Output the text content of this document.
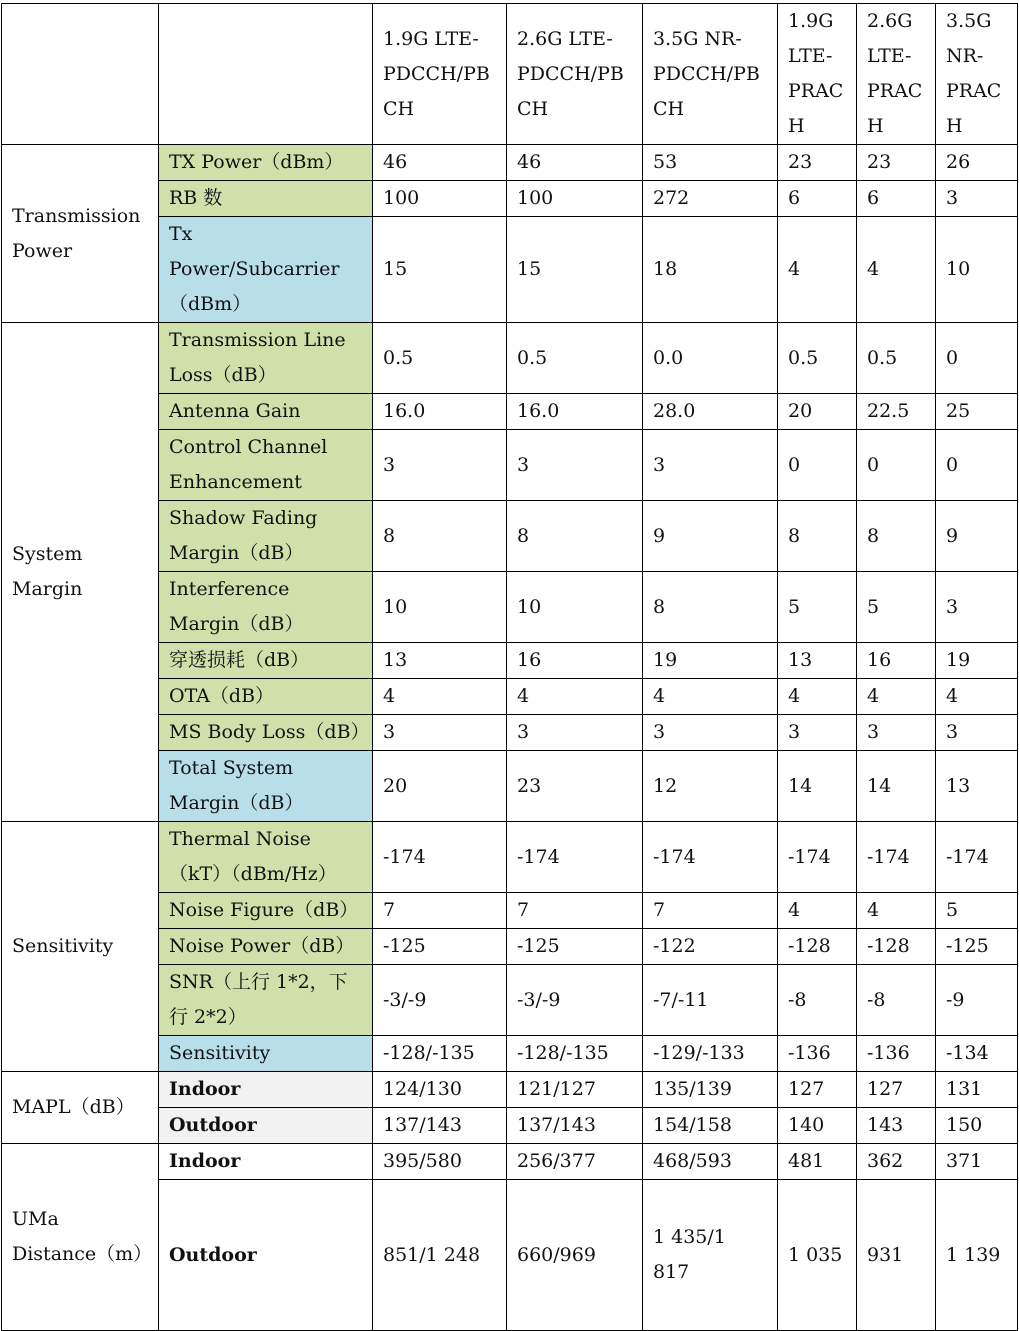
		1.9G LTE-PDCCH/PBCH	2.6G LTE-PDCCH/PBCH	3.5G NR-PDCCH/PBCH	1.9G LTE-PRACH	2.6G LTE-PRACH	3.5G NR-PRACH
Transmission Power	TX Power（dBm）	46	46	53	23	23	26
	RB 数	100	100	272	6	6	3
	Tx Power/Subcarrier（dBm）	15	15	18	4	4	10
System Margin	Transmission Line Loss（dB）	0.5	0.5	0.0	0.5	0.5	0
	Antenna Gain	16.0	16.0	28.0	20	22.5	25
	Control Channel Enhancement	3	3	3	0	0	0
	Shadow Fading Margin（dB）	8	8	9	8	8	9
	Interference Margin（dB）	10	10	8	5	5	3
	穿透损耗（dB）	13	16	19	13	16	19
	OTA（dB）	4	4	4	4	4	4
	MS Body Loss（dB）	3	3	3	3	3	3
	Total System Margin（dB）	20	23	12	14	14	13
Sensitivity	Thermal Noise（kT）（dBm/Hz）	-174	-174	-174	-174	-174	-174
	Noise Figure（dB）	7	7	7	4	4	5
	Noise Power（dB）	-125	-125	-122	-128	-128	-125
	SNR（上行 1*2，下行 2*2）	-3/-9	-3/-9	-7/-11	-8	-8	-9
	Sensitivity	-128/-135	-128/-135	-129/-133	-136	-136	-134
MAPL（dB）	Indoor	124/130	121/127	135/139	127	127	131
	Outdoor	137/143	137/143	154/158	140	143	150
UMa Distance（m）	Indoor	395/580	256/377	468/593	481	362	371
	Outdoor	851/1 248	660/969	1 435/1 817	1 035	931	1 139
